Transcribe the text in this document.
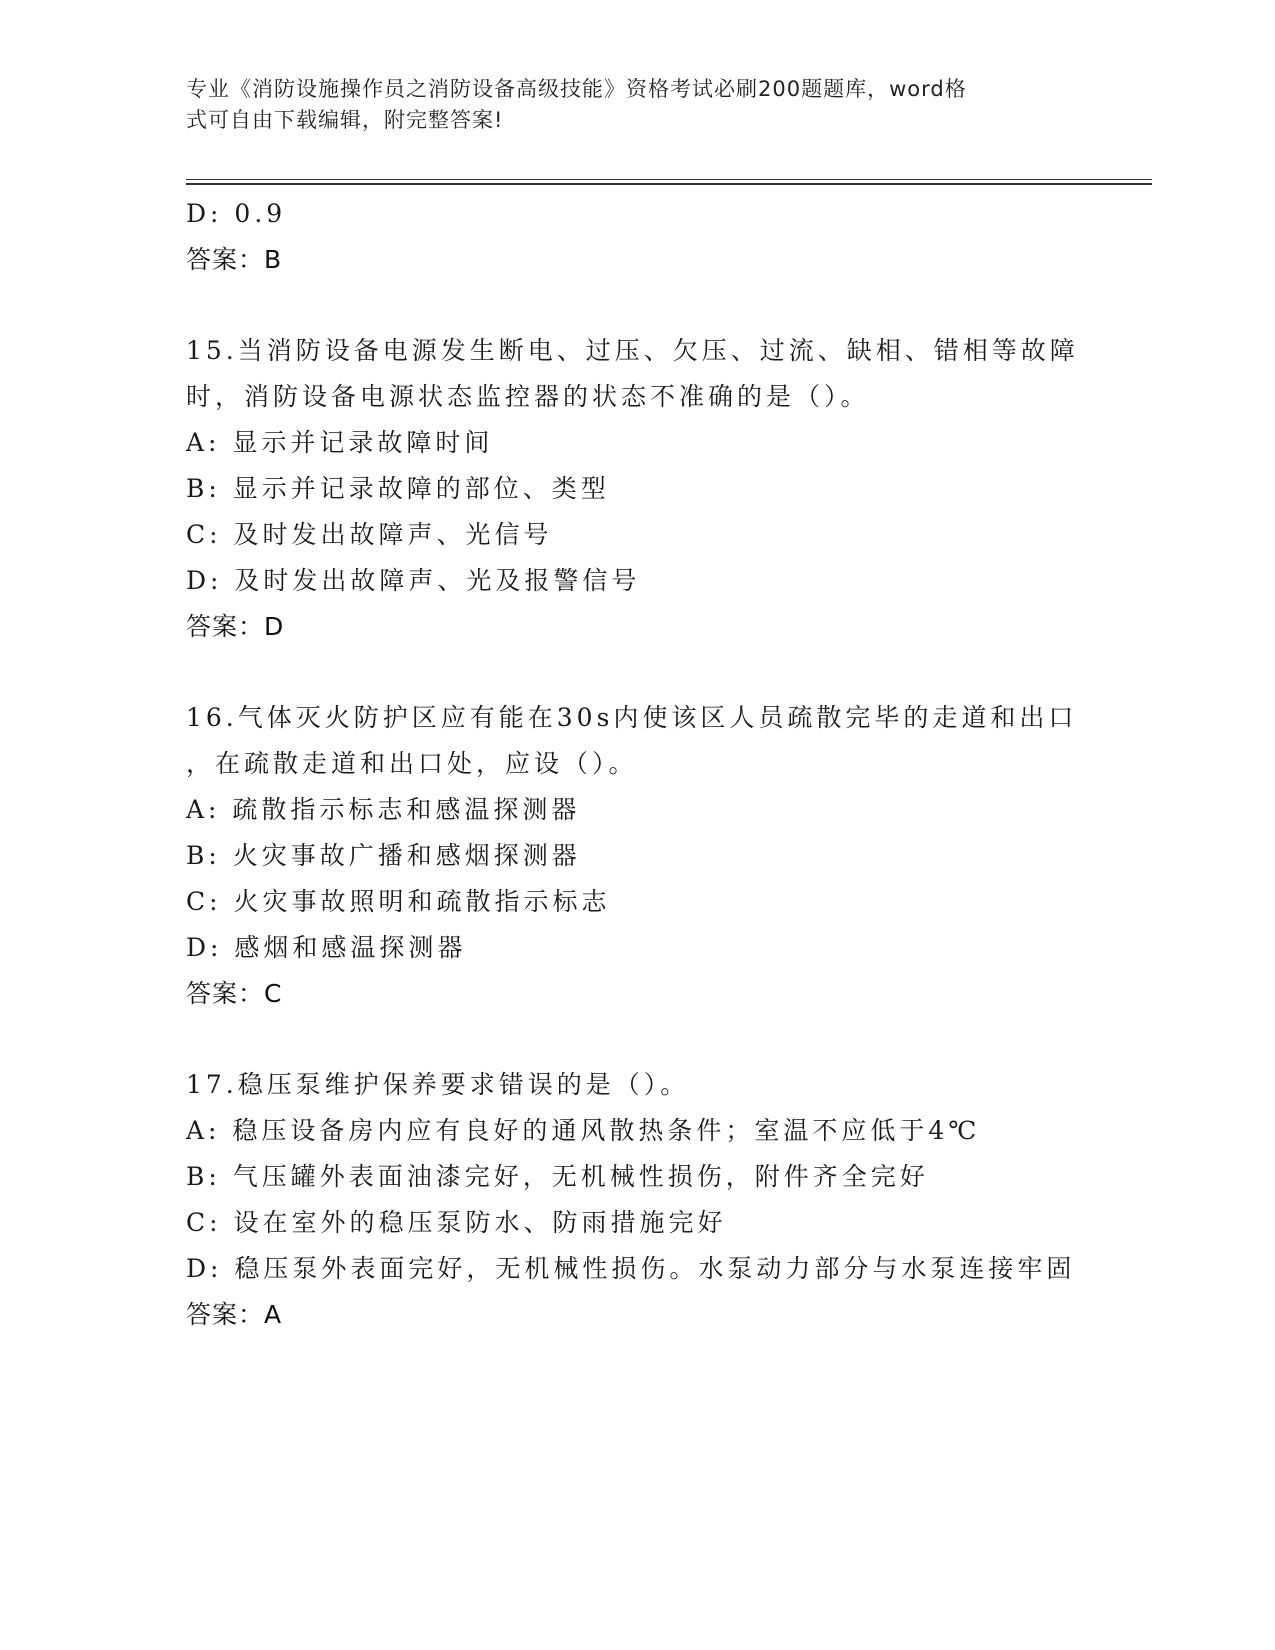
专业《消防设施操作员之消防设备高级技能》资格考试必刷200题题库，word格
式可自由下载编辑，附完整答案!
D: 0.9
答案：B
15.当消防设备电源发生断电、过压、欠压、过流、缺相、错相等故障
时，消防设备电源状态监控器的状态不准确的是（）。
A: 显示并记录故障时间
B: 显示并记录故障的部位、类型
C: 及时发出故障声、光信号
D: 及时发出故障声、光及报警信号
答案：D
16.气体灭火防护区应有能在30s内使该区人员疏散完毕的走道和出口
，在疏散走道和出口处，应设（）。
A: 疏散指示标志和感温探测器
B: 火灾事故广播和感烟探测器
C: 火灾事故照明和疏散指示标志
D: 感烟和感温探测器
答案：C
17.稳压泵维护保养要求错误的是（）。
A: 稳压设备房内应有良好的通风散热条件；室温不应低于4℃
B: 气压罐外表面油漆完好，无机械性损伤，附件齐全完好
C: 设在室外的稳压泵防水、防雨措施完好
D: 稳压泵外表面完好，无机械性损伤。水泵动力部分与水泵连接牢固
答案：A
